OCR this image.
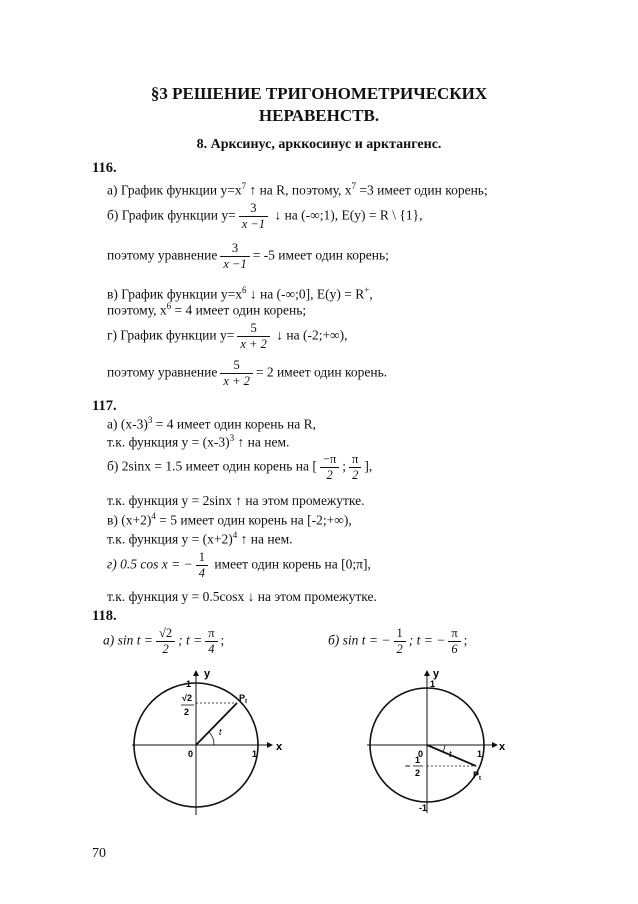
§3 РЕШЕНИЕ ТРИГОНОМЕТРИЧЕСКИХ
НЕРАВЕНСТВ.
8. Арксинус, арккосинус и арктангенс.
116.
а) График функции $у=х^7$ ↑ на R, поэтому, $х^7 =3$ имеет один корень;
б) График функции $у= \frac{3}{x -1}$ ↓ на (-∞;1), E(y) = R \ {1},
поэтому уравнение $\frac{3}{x -1} = -5$ имеет один корень;
в) График функции $у=х^6$ ↓ на (-∞;0], E(y) = R+,
поэтому, $х^6 = 4$ имеет один корень;
г) График функции $у= \frac{5}{x + 2}$ ↓ на (-2;+∞),
поэтому уравнение $\frac{5}{x + 2} = 2$ имеет один корень.
117.
а) $(х-3)^3 = 4$ имеет один корень на R,
т.к. функция $у = (х-3)^3$ ↑ на нем.
б) 2sinx = 1.5 имеет один корень на [ $\frac{-\pi}{2}$ ; $\frac{\pi}{2}$ ],
т.к. функция у = 2sinx ↑ на этом промежутке.
в) $(х+2)^4 = 5$ имеет один корень на [-2;+∞),
т.к. функция $у = (х+2)^4$ ↑ на нем.
г) 0.5 cos x = − $\frac{1}{4}$ имеет один корень на [0;π],
т.к. функция у = 0.5cosx ↓ на этом промежутке.
118.
а) $\sin t = \frac{√2}{2}$ ; $t = \frac{\pi}{4}$ ;	б) sin t = − $\frac{1}{2}$ ; t = − $\frac{\pi}{6}$ ;
y
x
1
√2
2
0	1
$P_t$
t
y
x
1
0	1
−
1
2
-1
$P_t$
t
70
